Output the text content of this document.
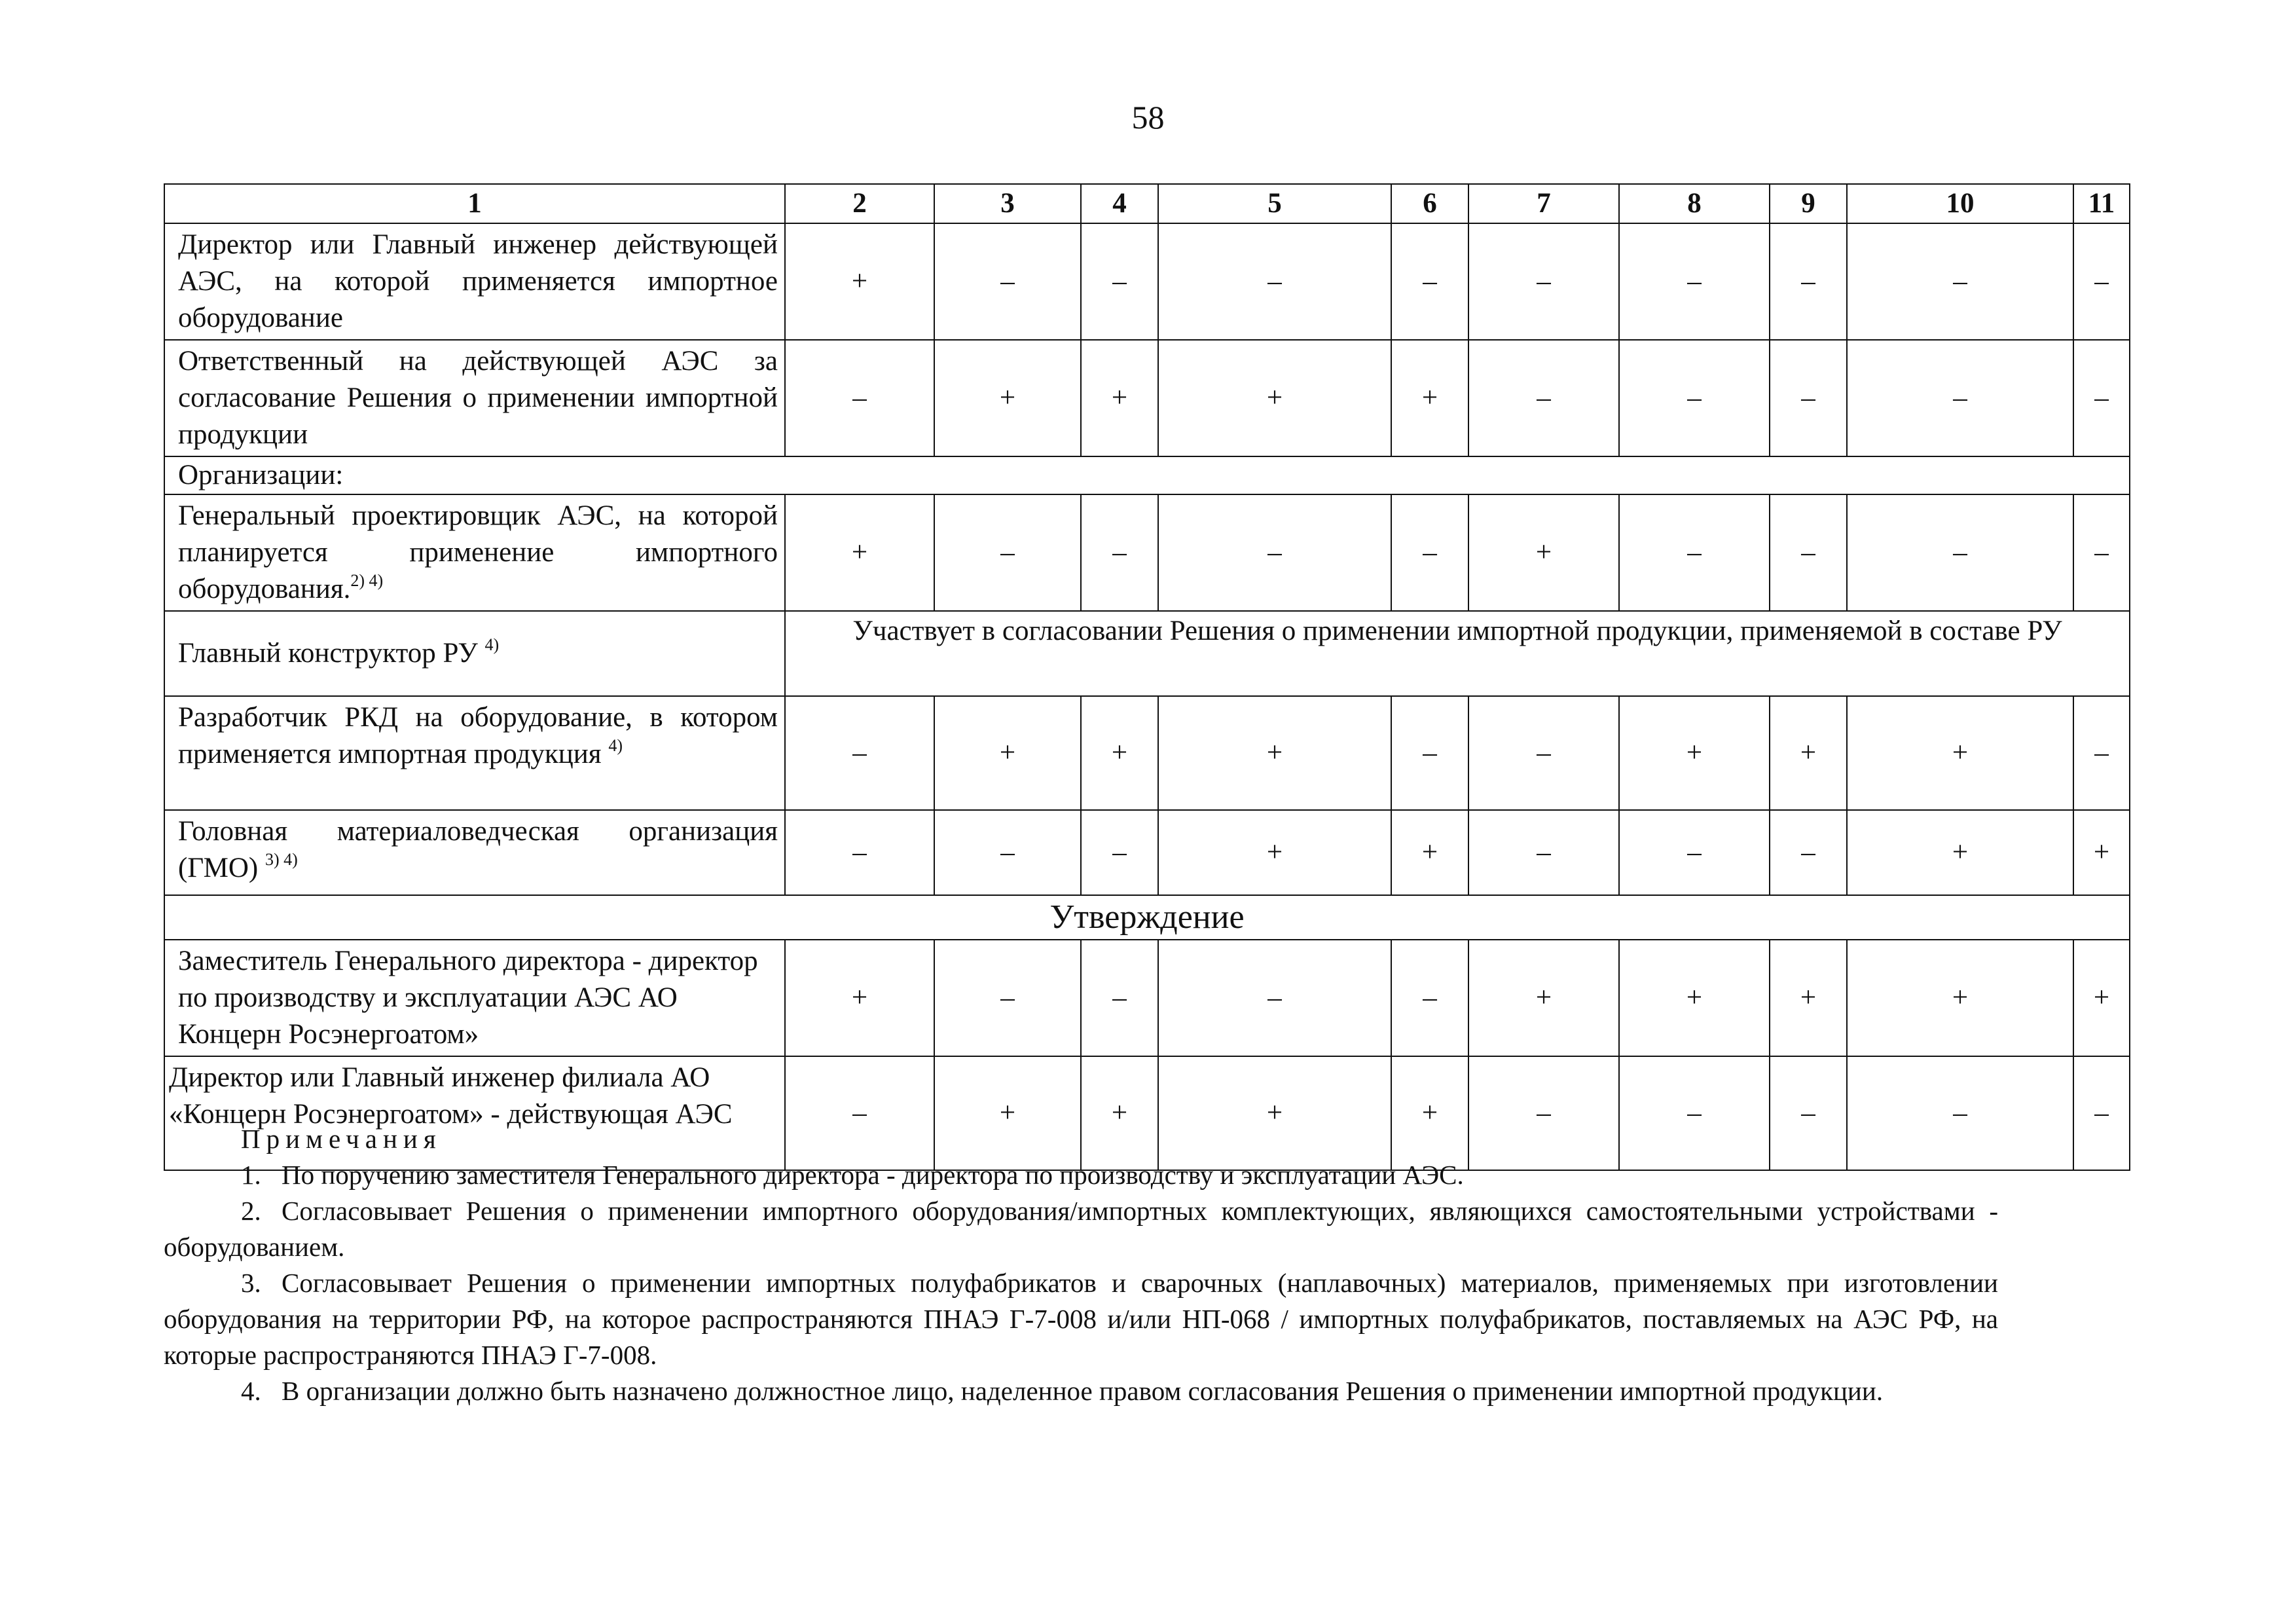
58
1	2	3	4	5	6	7	8	9	10	11
Директор или Главный инженер действующей АЭС, на которой применяется импортное оборудование	+	–	–	–	–	–	–	–	–	–
Ответственный на действующей АЭС за согласование Решения о применении импортной продукции	–	+	+	+	+	–	–	–	–	–
Организации:										
Генеральный проектировщик АЭС, на которой планируется применение импортного оборудования.$^{2) 4)}$	+	–	–	–	–	+	–	–	–	–
Главный конструктор РУ $^{4)}$	Участвует в согласовании Решения о применении импортной продукции, применяемой в составе РУ									
Разработчик РКД на оборудование, в котором применяется импортная продукция $^{4)}$	–	+	+	+	–	–	+	+	+	–
Головная материаловедческая организация (ГМО) $^{3) 4)}$	–	–	–	+	+	–	–	–	+	+
Утверждение										
Заместитель Генерального директора - директор по производству и эксплуатации АЭС АО Концерн Росэнергоатом»	+	–	–	–	–	+	+	+	+	+
Директор или Главный инженер филиала АО «Концерн Росэнергоатом» - действующая АЭС	–	+	+	+	+	–	–	–	–	–
Примечания

1. По поручению заместителя Генерального директора - директора по производству и эксплуатации АЭС.

2. Согласовывает Решения о применении импортного оборудования/импортных комплектующих, являющихся самостоятельными устройствами - оборудованием.

3. Согласовывает Решения о применении импортных полуфабрикатов и сварочных (наплавочных) материалов, применяемых при изготовлении оборудования на территории РФ, на которое распространяются ПНАЭ Г-7-008 и/или НП-068 / импортных полуфабрикатов, поставляемых на АЭС РФ, на которые распространяются ПНАЭ Г-7-008.

4. В организации должно быть назначено должностное лицо, наделенное правом согласования Решения о применении импортной продукции.
